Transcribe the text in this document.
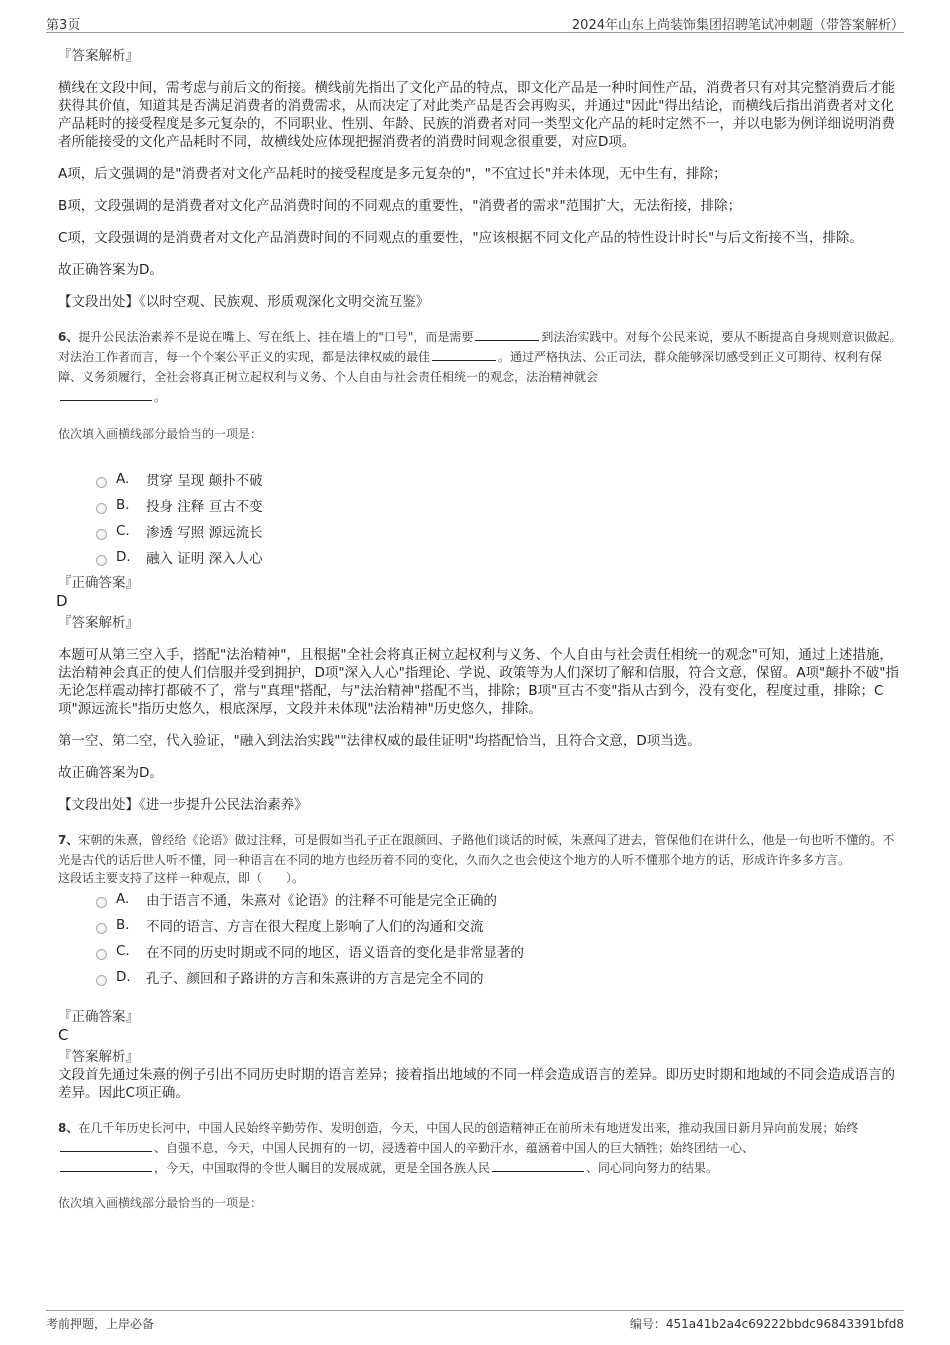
第3页	2024年山东上尚装饰集团招聘笔试冲刺题（带答案解析）
『答案解析』

横线在文段中间，需考虑与前后文的衔接。横线前先指出了文化产品的特点，即文化产品是一种时间性产品，消费者只有对其完整消费后才能获得其价值，知道其是否满足消费者的消费需求，从而决定了对此类产品是否会再购买，并通过"因此"得出结论，而横线后指出消费者对文化产品耗时的接受程度是多元复杂的，不同职业、性别、年龄、民族的消费者对同一类型文化产品的耗时定然不一，并以电影为例详细说明消费者所能接受的文化产品耗时不同，故横线处应体现把握消费者的消费时间观念很重要，对应D项。

A项，后文强调的是"消费者对文化产品耗时的接受程度是多元复杂的"，"不宜过长"并未体现，无中生有，排除；

B项，文段强调的是消费者对文化产品消费时间的不同观点的重要性，"消费者的需求"范围扩大，无法衔接，排除；

C项，文段强调的是消费者对文化产品消费时间的不同观点的重要性，"应该根据不同文化产品的特性设计时长"与后文衔接不当，排除。

故正确答案为D。

【文段出处】《以时空观、民族观、形质观深化文明交流互鉴》

6、提升公民法治素养不是说在嘴上、写在纸上、挂在墙上的"口号"，而是需要	到法治实践中。对每个公民来说，要从不断提高自身规则意识做起。对法治工作者而言，每一个个案公平正义的实现，都是法律权威的最佳	。通过严格执法、公正司法，群众能够深切感受到正义可期待、权利有保障、义务须履行，全社会将真正树立起权利与义务、个人自由与社会责任相统一的观念，法治精神就会
。

依次填入画横线部分最恰当的一项是：
A.	贯穿 呈现 颠扑不破
B.	投身 注释 亘古不变
C.	渗透 写照 源远流长
D.	融入 证明 深入人心
『正确答案』
D
『答案解析』

本题可从第三空入手，搭配"法治精神"，且根据"全社会将真正树立起权利与义务、个人自由与社会责任相统一的观念"可知，通过上述措施，法治精神会真正的使人们信服并受到拥护，D项"深入人心"指理论、学说、政策等为人们深切了解和信服，符合文意，保留。A项"颠扑不破"指无论怎样震动摔打都破不了，常与"真理"搭配，与"法治精神"搭配不当，排除；B项"亘古不变"指从古到今，没有变化，程度过重，排除；C项"源远流长"指历史悠久，根底深厚，文段并未体现"法治精神"历史悠久，排除。

第一空、第二空，代入验证，"融入到法治实践""法律权威的最佳证明"均搭配恰当，且符合文意，D项当选。

故正确答案为D。

【文段出处】《进一步提升公民法治素养》

7、宋朝的朱熹，曾经给《论语》做过注释，可是假如当孔子正在跟颜回、子路他们谈话的时候，朱熹闯了进去，管保他们在讲什么，他是一句也听不懂的。不光是古代的话后世人听不懂，同一种语言在不同的地方也经历着不同的变化，久而久之也会使这个地方的人听不懂那个地方的话，形成许许多多方言。

这段话主要支持了这样一种观点，即（　　）。

A.	由于语言不通，朱熹对《论语》的注释不可能是完全正确的
B.	不同的语言、方言在很大程度上影响了人们的沟通和交流
C.	在不同的历史时期或不同的地区，语义语音的变化是非常显著的
D.	孔子、颜回和子路讲的方言和朱熹讲的方言是完全不同的
『正确答案』
C
『答案解析』

文段首先通过朱熹的例子引出不同历史时期的语言差异；接着指出地域的不同一样会造成语言的差异。即历史时期和地域的不同会造成语言的差异。因此C项正确。

8、在几千年历史长河中，中国人民始终辛勤劳作、发明创造，今天，中国人民的创造精神正在前所未有地迸发出来，推动我国日新月异向前发展；始终、自强不息，今天，中国人民拥有的一切，浸透着中国人的辛勤汗水，蕴涵着中国人的巨大牺牲；始终团结一心、
，今天，中国取得的令世人瞩目的发展成就，更是全国各族人民	、同心同向努力的结果。

依次填入画横线部分最恰当的一项是：
考前押题，上岸必备	编号：451a41b2a4c69222bbdc96843391bfd8
